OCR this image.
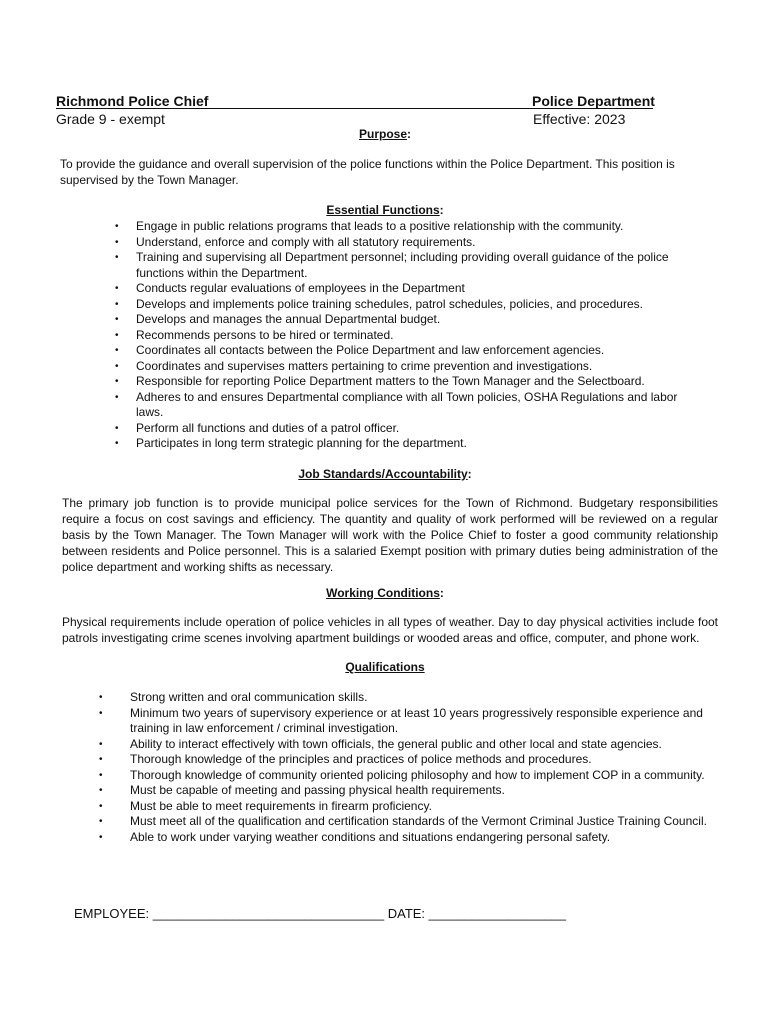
Richmond Police Chief	Police Department
Grade 9 - exempt	Effective: 2023
Purpose:
To provide the guidance and overall supervision of the police functions within the Police Department. This position is supervised by the Town Manager.
Essential Functions:
• Engage in public relations programs that leads to a positive relationship with the community.
• Understand, enforce and comply with all statutory requirements.
• Training and supervising all Department personnel; including providing overall guidance of the police functions within the Department.
• Conducts regular evaluations of employees in the Department
• Develops and implements police training schedules, patrol schedules, policies, and procedures.
• Develops and manages the annual Departmental budget.
• Recommends persons to be hired or terminated.
• Coordinates all contacts between the Police Department and law enforcement agencies.
• Coordinates and supervises matters pertaining to crime prevention and investigations.
• Responsible for reporting Police Department matters to the Town Manager and the Selectboard.
• Adheres to and ensures Departmental compliance with all Town policies, OSHA Regulations and labor laws.
• Perform all functions and duties of a patrol officer.
• Participates in long term strategic planning for the department.
Job Standards/Accountability:
The primary job function is to provide municipal police services for the Town of Richmond. Budgetary responsibilities require a focus on cost savings and efficiency. The quantity and quality of work performed will be reviewed on a regular basis by the Town Manager. The Town Manager will work with the Police Chief to foster a good community relationship between residents and Police personnel. This is a salaried Exempt position with primary duties being administration of the police department and working shifts as necessary.
Working Conditions:
Physical requirements include operation of police vehicles in all types of weather. Day to day physical activities include foot patrols investigating crime scenes involving apartment buildings or wooded areas and office, computer, and phone work.
Qualifications
• Strong written and oral communication skills.
• Minimum two years of supervisory experience or at least 10 years progressively responsible experience and training in law enforcement / criminal investigation.
• Ability to interact effectively with town officials, the general public and other local and state agencies.
• Thorough knowledge of the principles and practices of police methods and procedures.
• Thorough knowledge of community oriented policing philosophy and how to implement COP in a community.
• Must be capable of meeting and passing physical health requirements.
• Must be able to meet requirements in firearm proficiency.
• Must meet all of the qualification and certification standards of the Vermont Criminal Justice Training Council.
• Able to work under varying weather conditions and situations endangering personal safety.
EMPLOYEE: ________________________________ DATE: ___________________
